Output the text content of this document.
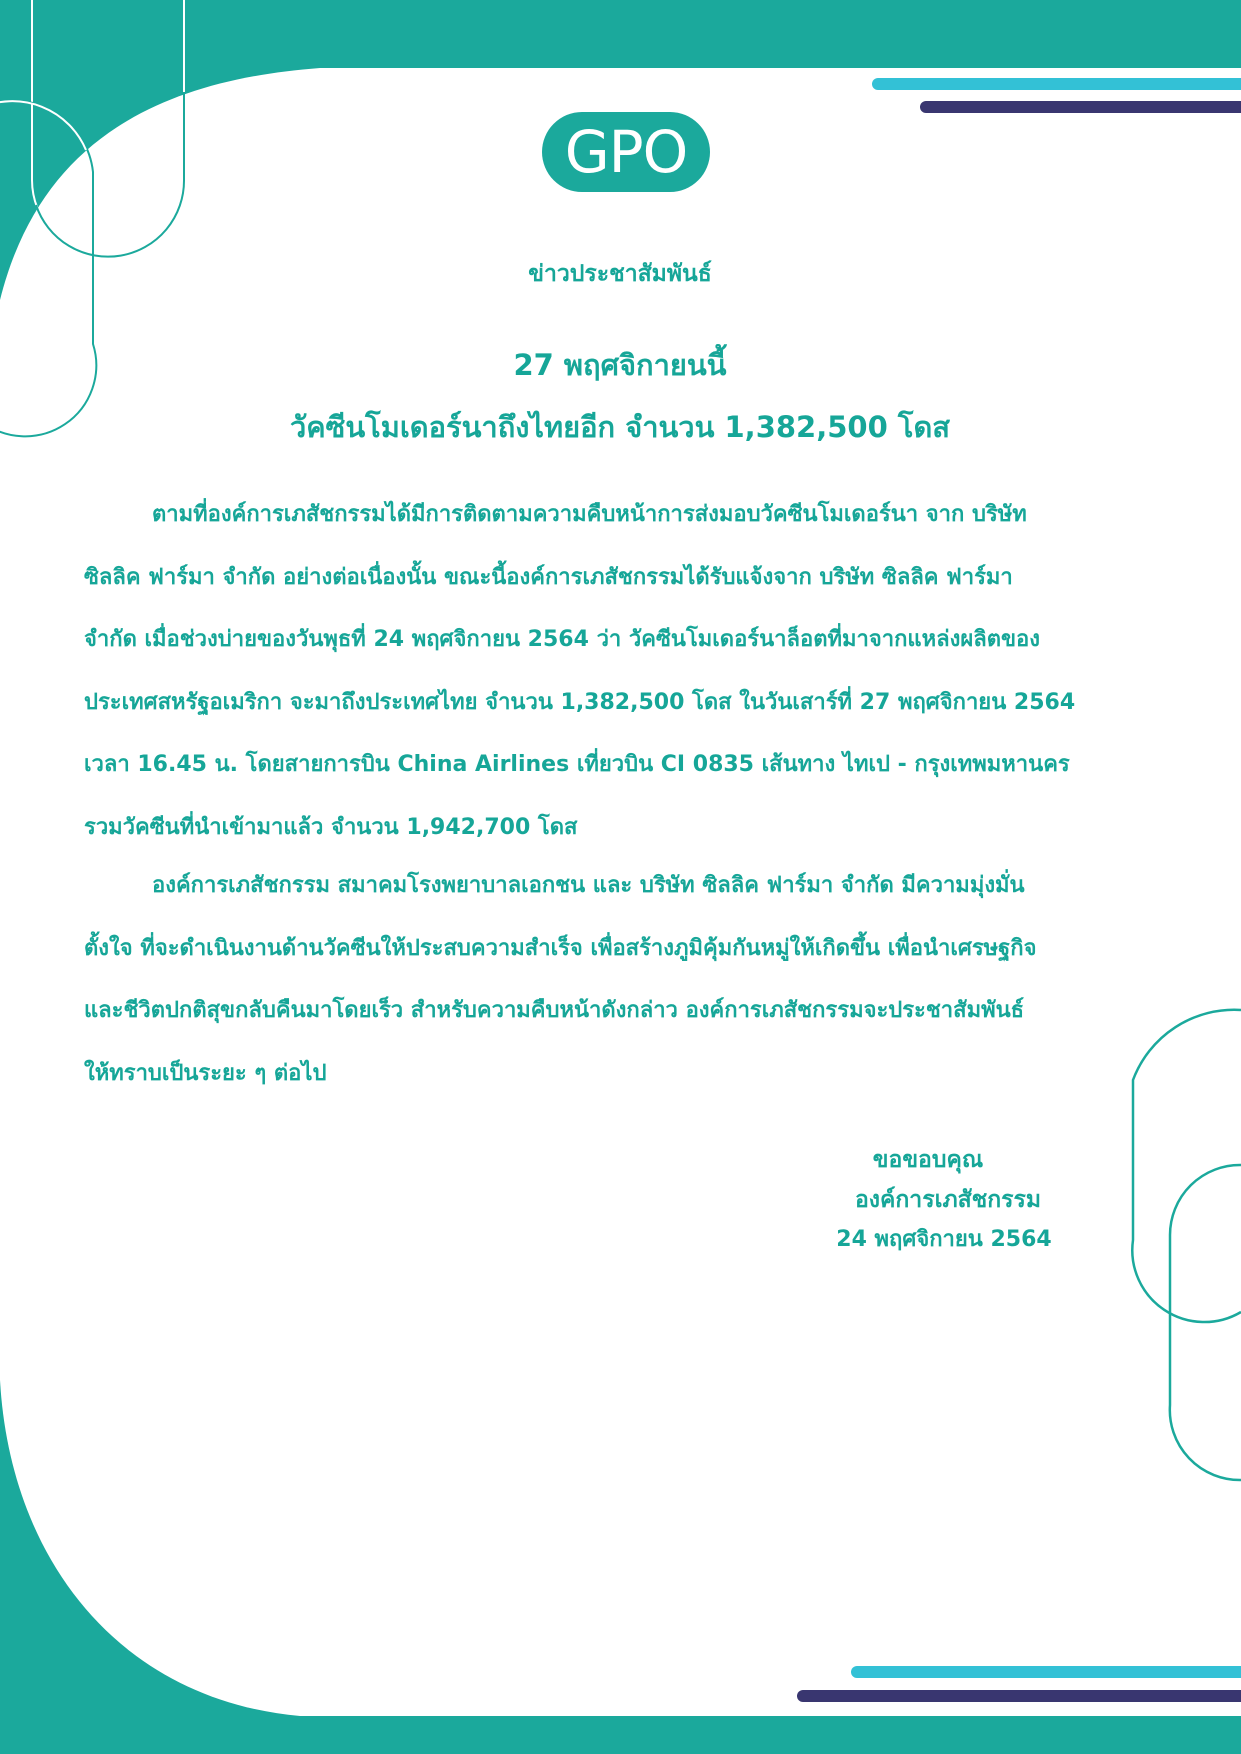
GPO
ข่าวประชาสัมพันธ์
27 พฤศจิกายนนี้
วัคซีนโมเดอร์นาถึงไทยอีก จำนวน 1,382,500 โดส
ตามที่องค์การเภสัชกรรมได้มีการติดตามความคืบหน้าการส่งมอบวัคซีนโมเดอร์นา จาก บริษัท
ซิลลิค ฟาร์มา จำกัด อย่างต่อเนื่องนั้น ขณะนี้องค์การเภสัชกรรมได้รับแจ้งจาก บริษัท ซิลลิค ฟาร์มา
จำกัด เมื่อช่วงบ่ายของวันพุธที่ 24 พฤศจิกายน 2564 ว่า วัคซีนโมเดอร์นาล็อตที่มาจากแหล่งผลิตของ
ประเทศสหรัฐอเมริกา จะมาถึงประเทศไทย จำนวน 1,382,500 โดส ในวันเสาร์ที่ 27 พฤศจิกายน 2564
เวลา 16.45 น. โดยสายการบิน China Airlines เที่ยวบิน CI 0835 เส้นทาง ไทเป - กรุงเทพมหานคร
รวมวัคซีนที่นำเข้ามาแล้ว จำนวน 1,942,700 โดส
องค์การเภสัชกรรม สมาคมโรงพยาบาลเอกชน และ บริษัท ซิลลิค ฟาร์มา จำกัด มีความมุ่งมั่น
ตั้งใจ ที่จะดำเนินงานด้านวัคซีนให้ประสบความสำเร็จ เพื่อสร้างภูมิคุ้มกันหมู่ให้เกิดขึ้น เพื่อนำเศรษฐกิจ
และชีวิตปกติสุขกลับคืนมาโดยเร็ว สำหรับความคืบหน้าดังกล่าว องค์การเภสัชกรรมจะประชาสัมพันธ์
ให้ทราบเป็นระยะ ๆ ต่อไป
ขอขอบคุณ
องค์การเภสัชกรรม
24 พฤศจิกายน 2564
